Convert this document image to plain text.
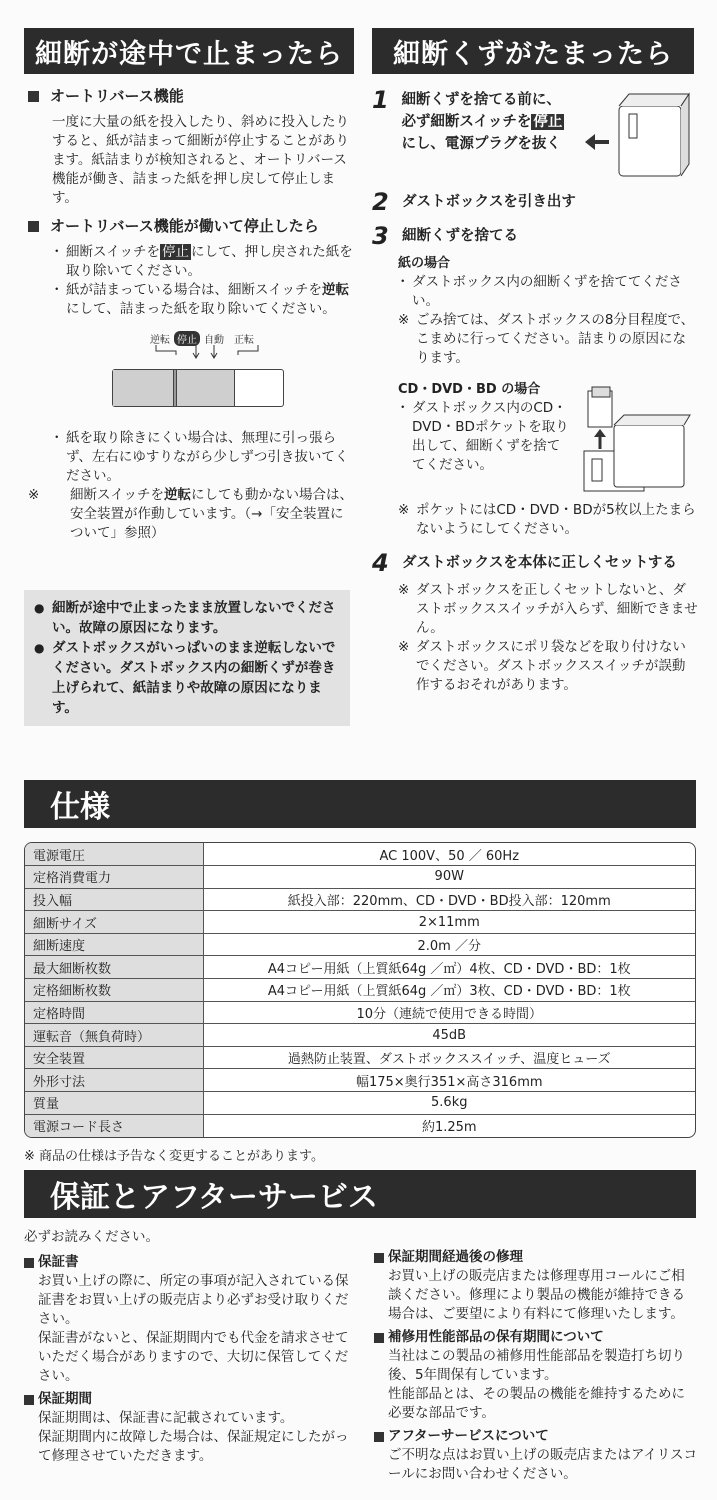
細断が途中で止まったら
オートリバース機能

一度に大量の紙を投入したり、斜めに投入したりすると、紙が詰まって細断が停止することがあります。紙詰まりが検知されると、オートリバース機能が働き、詰まった紙を押し戻して停止します。

オートリバース機能が働いて停止したら
・ 細断スイッチを 停止 にして、押し戻された紙を取り除いてください。
・ 紙が詰まっている場合は、細断スイッチを逆転にして、詰まった紙を取り除いてください。
逆転 停止 自動 正転
・ 紙を取り除きにくい場合は、無理に引っ張らず、左右にゆすりながら少しずつ引き抜いてください。

※ 細断スイッチを逆転にしても動かない場合は、安全装置が作動しています。（→「安全装置について」参照）

● 細断が途中で止まったまま放置しないでください。故障の原因になります。
● ダストボックスがいっぱいのまま逆転しないでください。ダストボックス内の細断くずが巻き上げられて、紙詰まりや故障の原因になります。
細断くずがたまったら
1 細断くずを捨てる前に、必ず細断スイッチを 停止にし、電源プラグを抜く
2 ダストボックスを引き出す
3 細断くずを捨てる
紙の場合
・ ダストボックス内の細断くずを捨ててください。

※ ごみ捨ては、ダストボックスの8分目程度で、こまめに行ってください。詰まりの原因になります。

CD・DVD・BD の場合
・ ダストボックス内のCD・DVD・BDポケットを取り出して、細断くずを捨ててください。

※ ポケットにはCD・DVD・BDが5枚以上たまらないようにしてください。

4 ダストボックスを本体に正しくセットする

※ ダストボックスを正しくセットしないと、ダストボックススイッチが入らず、細断できません。

※ ダストボックスにポリ袋などを取り付けないでください。ダストボックススイッチが誤動作するおそれがあります。

仕様
電源電圧	AC 100V、50 ／ 60Hz
定格消費電力	90W
投入幅	紙投入部：220mm、CD・DVD・BD投入部：120mm
細断サイズ	2×11mm
細断速度	2.0m ／分
最大細断枚数	A4コピー用紙（上質紙64g ／㎡）4枚、CD・DVD・BD：1枚
定格細断枚数	A4コピー用紙（上質紙64g ／㎡）3枚、CD・DVD・BD：1枚
定格時間	10分（連続で使用できる時間）
運転音（無負荷時）	45dB
安全装置	過熱防止装置、ダストボックススイッチ、温度ヒューズ
外形寸法	幅175×奥行351×高さ316mm
質量	5.6kg
電源コード長さ	約1.25m
※ 商品の仕様は予告なく変更することがあります。
保証とアフターサービス

必ずお読みください。

保証書

お買い上げの際に、所定の事項が記入されている保証書をお買い上げの販売店より必ずお受け取りください。

保証書がないと、保証期間内でも代金を請求させていただく場合がありますので、大切に保管してください。

保証期間

保証期間は、保証書に記載されています。

保証期間内に故障した場合は、保証規定にしたがって修理させていただきます。

保証期間経過後の修理

お買い上げの販売店または修理専用コールにご相談ください。修理により製品の機能が維持できる場合は、ご要望により有料にて修理いたします。

補修用性能部品の保有期間について

当社はこの製品の補修用性能部品を製造打ち切り後、5年間保有しています。

性能部品とは、その製品の機能を維持するために必要な部品です。

アフターサービスについて

ご不明な点はお買い上げの販売店またはアイリスコールにお問い合わせください。
